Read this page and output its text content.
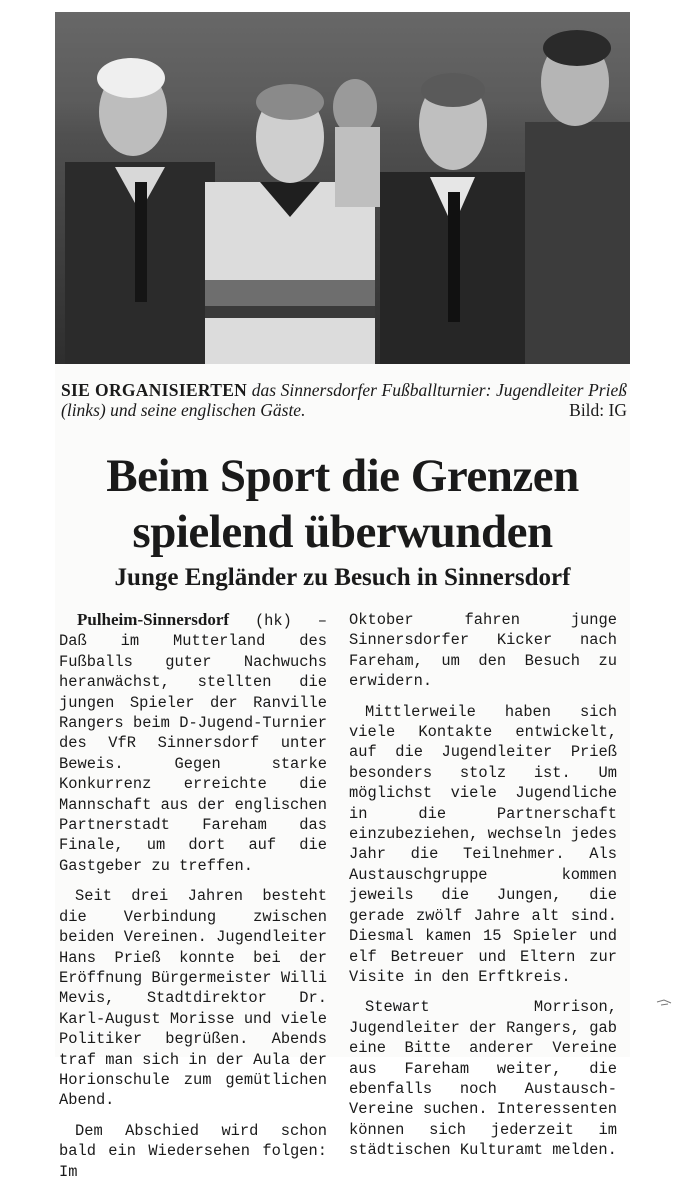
SIE ORGANISIERTEN das Sinnersdorfer Fußballturnier: Jugendleiter Prieß (links) und seine englischen Gäste.	Bild: IG
Beim Sport die Grenzen
spielend überwunden
Junge Engländer zu Besuch in Sinnersdorf

Pulheim-Sinnersdorf (hk) – Daß im Mutterland des Fußballs guter Nachwuchs heranwächst, stellten die jungen Spieler der Ranville Rangers beim D-Jugend-Turnier des VfR Sinnersdorf unter Beweis. Gegen starke Konkurrenz erreichte die Mannschaft aus der englischen Partnerstadt Fareham das Finale, um dort auf die Gastgeber zu treffen.

Seit drei Jahren besteht die Verbindung zwischen beiden Vereinen. Jugendleiter Hans Prieß konnte bei der Eröffnung Bürgermeister Willi Mevis, Stadtdirektor Dr. Karl-August Morisse und viele Politiker begrüßen. Abends traf man sich in der Aula der Horionschule zum gemütlichen Abend.

Dem Abschied wird schon bald ein Wiedersehen folgen: Im

Oktober fahren junge Sinnersdorfer Kicker nach Fareham, um den Besuch zu erwidern.

Mittlerweile haben sich viele Kontakte entwickelt, auf die Jugendleiter Prieß besonders stolz ist. Um möglichst viele Jugendliche in die Partnerschaft einzubeziehen, wechseln jedes Jahr die Teilnehmer. Als Austauschgruppe kommen jeweils die Jungen, die gerade zwölf Jahre alt sind. Diesmal kamen 15 Spieler und elf Betreuer und Eltern zur Visite in den Erftkreis.

Stewart Morrison, Jugendleiter der Rangers, gab eine Bitte anderer Vereine aus Fareham weiter, die ebenfalls noch Austausch-Vereine suchen. Interessenten können sich jederzeit im städtischen Kulturamt melden.
